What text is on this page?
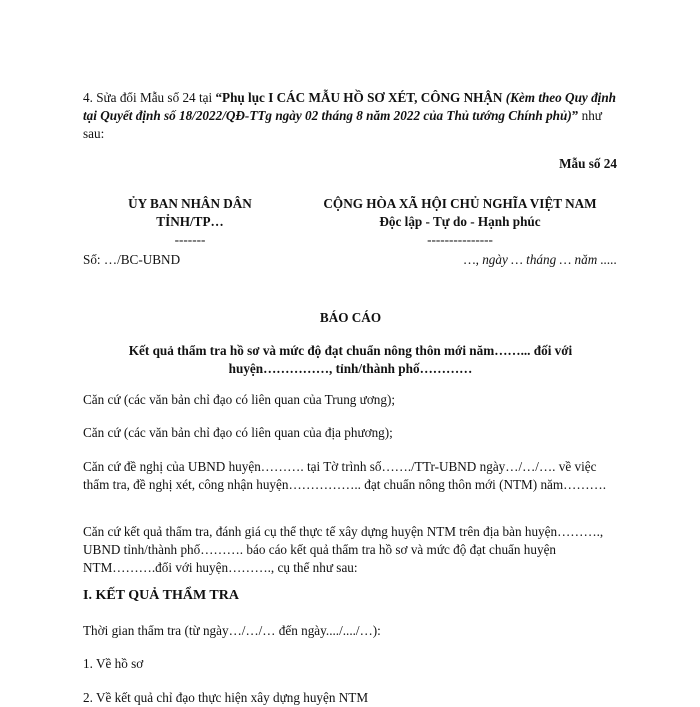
4. Sửa đổi Mẫu số 24 tại “Phụ lục I CÁC MẪU HỒ SƠ XÉT, CÔNG NHẬN (Kèm theo Quy định tại Quyết định số 18/2022/QĐ-TTg ngày 02 tháng 8 năm 2022 của Thủ tướng Chính phủ)” như sau:

Mẫu số 24
ỦY BAN NHÂN DÂN
TỈNH/TP…
-------
Số: …/BC-UBND
CỘNG HÒA XÃ HỘI CHỦ NGHĨA VIỆT NAM
Độc lập - Tự do - Hạnh phúc
---------------
…, ngày … tháng … năm .....
BÁO CÁO
Kết quả thẩm tra hồ sơ và mức độ đạt chuẩn nông thôn mới năm……... đối với
huyện……………, tỉnh/thành phố…………

Căn cứ (các văn bản chỉ đạo có liên quan của Trung ương);

Căn cứ (các văn bản chỉ đạo có liên quan của địa phương);

Căn cứ đề nghị của UBND huyện………. tại Tờ trình số……./TTr-UBND ngày…/…/…. về việc thẩm tra, đề nghị xét, công nhận huyện…………….. đạt chuẩn nông thôn mới (NTM) năm……….

Căn cứ kết quả thẩm tra, đánh giá cụ thể thực tế xây dựng huyện NTM trên địa bàn huyện………., UBND tỉnh/thành phố………. báo cáo kết quả thẩm tra hồ sơ và mức độ đạt chuẩn huyện NTM……….đối với huyện………., cụ thể như sau:

I. KẾT QUẢ THẨM TRA

Thời gian thẩm tra (từ ngày…/…/… đến ngày..../..../…):

1. Về hồ sơ

2. Về kết quả chỉ đạo thực hiện xây dựng huyện NTM
